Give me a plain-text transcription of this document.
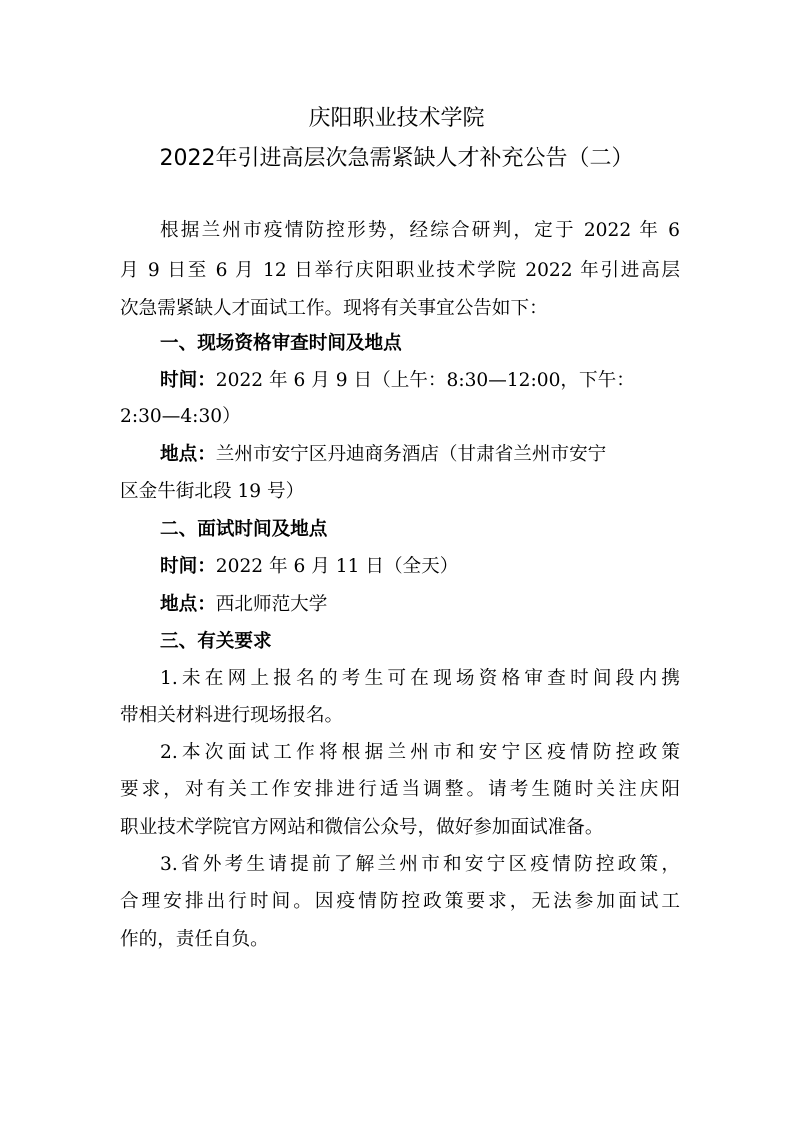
庆阳职业技术学院
2022年引进高层次急需紧缺人才补充公告（二）

根据兰州市疫情防控形势，经综合研判，定于 2022 年 6

月 9 日至 6 月 12 日举行庆阳职业技术学院 2022 年引进高层

次急需紧缺人才面试工作。现将有关事宜公告如下：

一、现场资格审查时间及地点

时间：2022 年 6 月 9 日（上午：8:30—12:00，下午：

2:30—4:30）

地点：兰州市安宁区丹迪商务酒店（甘肃省兰州市安宁

区金牛街北段 19 号）

二、面试时间及地点

时间：2022 年 6 月 11 日（全天）

地点：西北师范大学

三、有关要求

1.未在网上报名的考生可在现场资格审查时间段内携

带相关材料进行现场报名。

2.本次面试工作将根据兰州市和安宁区疫情防控政策

要求，对有关工作安排进行适当调整。请考生随时关注庆阳

职业技术学院官方网站和微信公众号，做好参加面试准备。

3.省外考生请提前了解兰州市和安宁区疫情防控政策，

合理安排出行时间。因疫情防控政策要求，无法参加面试工

作的，责任自负。
